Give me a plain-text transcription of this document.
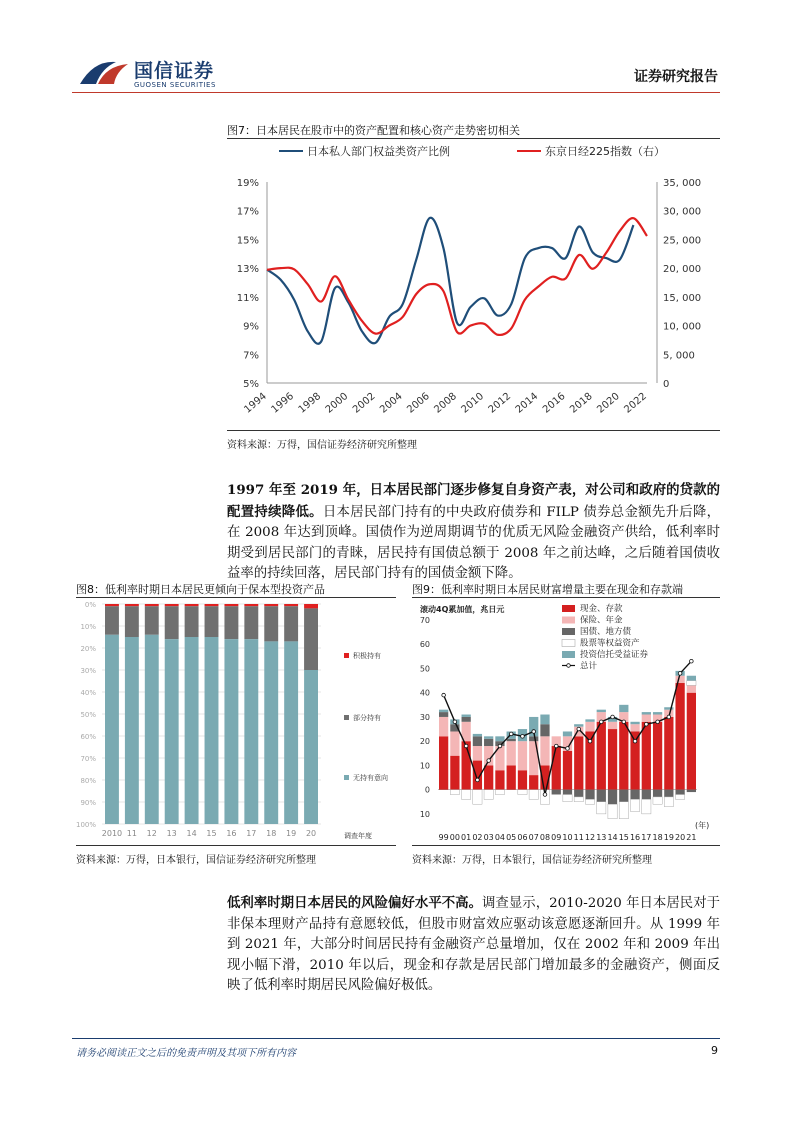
国信证券
GUOSEN SECURITIES	证券研究报告
图7：日本居民在股市中的资产配置和核心资产走势密切相关
日本私人部门权益类资产比例	东京日经225指数（右）
5%
7%
9%
11%
13%
15%
17%
19%
0
5, 000
10, 000
15, 000
20, 000
25, 000
30, 000
35, 000
1994 1996 1998 2000 2002 2004 2006 2008 2010 2012 2014 2016 2018 2020 2022
资料来源：万得，国信证券经济研究所整理
1997 年至 2019 年，日本居民部门逐步修复自身资产表，对公司和政府的贷款的配置持续降低。日本居民部门持有的中央政府债券和 FILP 债券总金额先升后降，在 2008 年达到顶峰。国债作为逆周期调节的优质无风险金融资产供给，低利率时期受到居民部门的青睐，居民持有国债总额于 2008 年之前达峰，之后随着国债收益率的持续回落，居民部门持有的国债金额下降。
图8：低利率时期日本居民更倾向于保本型投资产品
0%
10%
20%
30%
40%
50%
60%
70%
80%
90%
100%
2010 11 12 13 14 15 16 17 18 19 20	调查年度
积极持有
部分持有
无持有意向
资料来源：万得，日本银行，国信证券经济研究所整理
图9：低利率时期日本居民财富增量主要在现金和存款端
10
0
10
20
30
40
50
60
70
滚动4Q累加值，兆日元
99 00 01 02 03 04 05 06 07 08 09 10 11 12 13 14 15 16 17 18 19 20 21
(年)
现金、存款
保险、年金
国债、地方债
股票等权益资产
投资信托受益证券
总计
资料来源：万得，日本银行，国信证券经济研究所整理
低利率时期日本居民的风险偏好水平不高。调查显示，2010-2020 年日本居民对于非保本理财产品持有意愿较低，但股市财富效应驱动该意愿逐渐回升。从 1999 年到 2021 年，大部分时间居民持有金融资产总量增加，仅在 2002 年和 2009 年出现小幅下滑，2010 年以后，现金和存款是居民部门增加最多的金融资产，侧面反映了低利率时期居民风险偏好极低。
请务必阅读正文之后的免责声明及其项下所有内容	9
